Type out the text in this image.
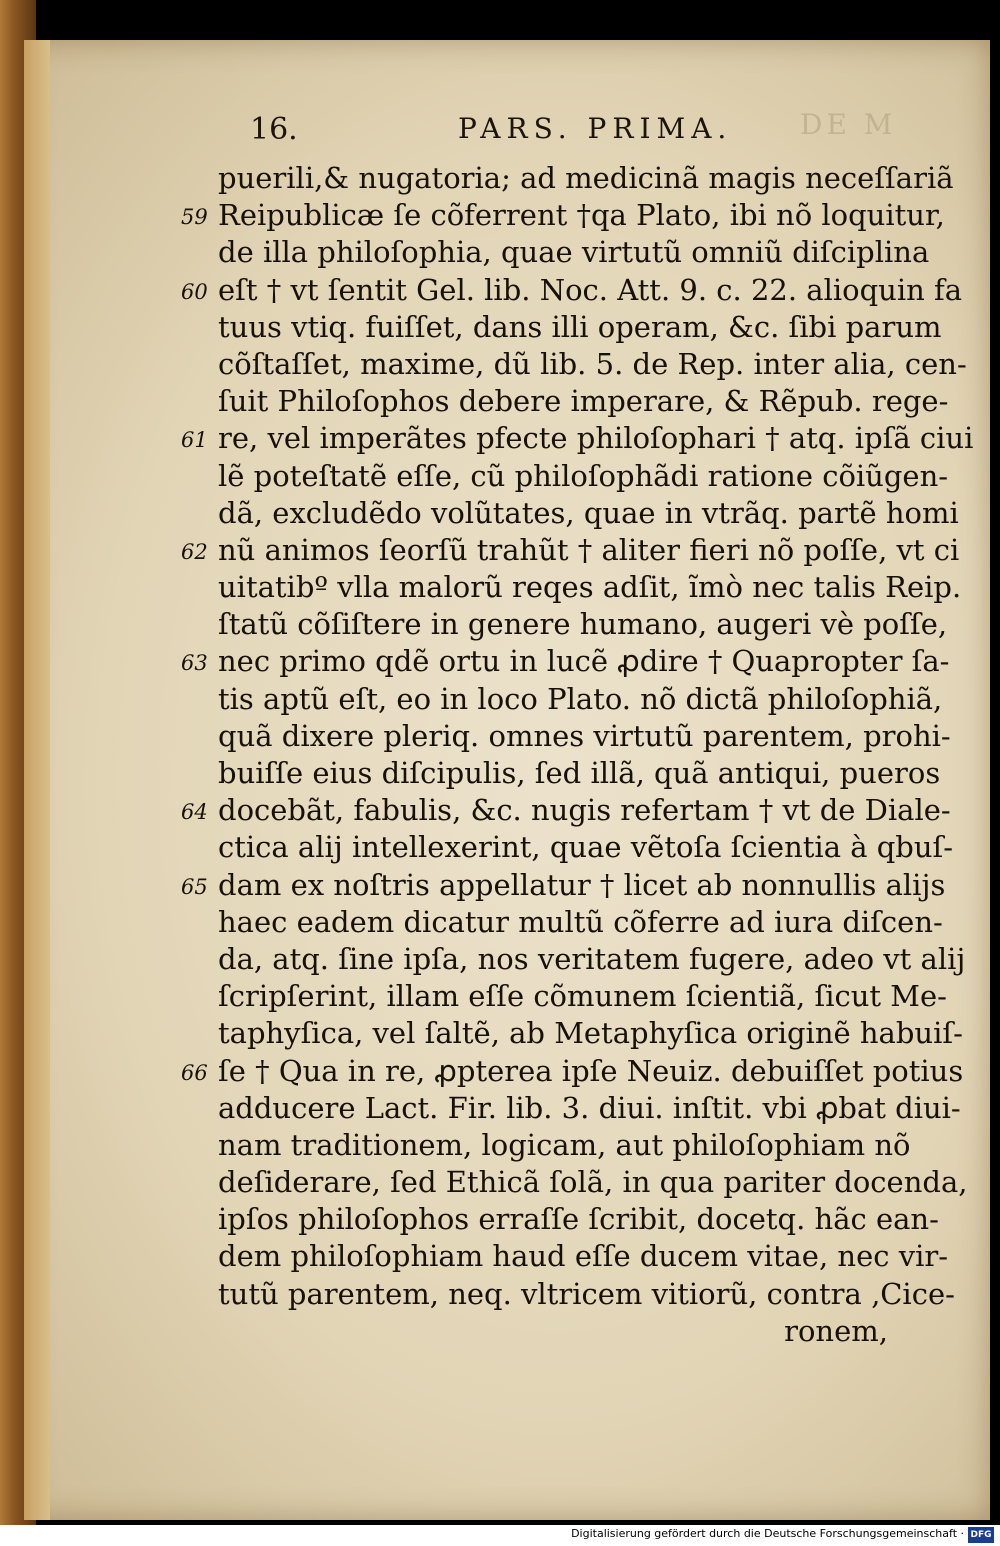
DE M
16.	PARS. PRIMA.
puerili,& nugatoria; ad medicinã magis neceſſariã
59 Reipublicæ ſe cõferrent †qa Plato, ibi nõ loquitur,
de illa philoſophia, quae virtutũ omniũ diſciplina
60 eſt † vt ſentit Gel. lib. Noc. Att. 9. c. 22. alioquin fa
tuus vtiq. fuiſſet, dans illi operam, &c. ſibi parum
cõſtaſſet, maxime, dũ lib. 5. de Rep. inter alia, cen-
ſuit Philoſophos debere imperare, & Rẽpub. rege-
61 re, vel imperãtes pfecte philoſophari † atq. ipſã ciui
lẽ poteſtatẽ eſſe, cũ philoſophãdi ratione cõiũgen-
dã, excludẽdo volũtates, quae in vtrãq. partẽ homi
62 nũ animos ſeorſũ trahũt † aliter fieri nõ poſſe, vt ci
uitatibº vlla malorũ reqes adſit, ĩmò nec talis Reip.
ſtatũ cõſiſtere in genere humano, augeri vè poſſe,
63 nec primo qdẽ ortu in lucẽ ꝓdire † Quapropter ſa-
tis aptũ eſt, eo in loco Plato. nõ dictã philoſophiã,
quã dixere pleriq. omnes virtutũ parentem, prohi-
buiſſe eius diſcipulis, ſed illã, quã antiqui, pueros
64 docebãt, fabulis, &c. nugis refertam † vt de Diale-
ctica alij intellexerint, quae vẽtoſa ſcientia à qbuſ-
65 dam ex noſtris appellatur † licet ab nonnullis alijs
haec eadem dicatur multũ cõferre ad iura diſcen-
da, atq. ſine ipſa, nos veritatem fugere, adeo vt alij
ſcripſerint, illam eſſe cõmunem ſcientiã, ſicut Me-
taphyſica, vel ſaltẽ, ab Metaphyſica originẽ habuiſ-
66 ſe † Qua in re, ꝓpterea ipſe Neuiz. debuiſſet potius
adducere Lact. Fir. lib. 3. diui. inſtit. vbi ꝓbat diui-
nam traditionem, logicam, aut philoſophiam nõ
deſiderare, ſed Ethicã ſolã, in qua pariter docenda,
ipſos philoſophos erraſſe ſcribit, docetq. hãc ean-
dem philoſophiam haud eſſe ducem vitae, nec vir-
tutũ parentem, neq. vltricem vitiorũ, contra ‚Cice-
ronem,
Digitalisierung gefördert durch die Deutsche Forschungsgemeinschaft · DFG
